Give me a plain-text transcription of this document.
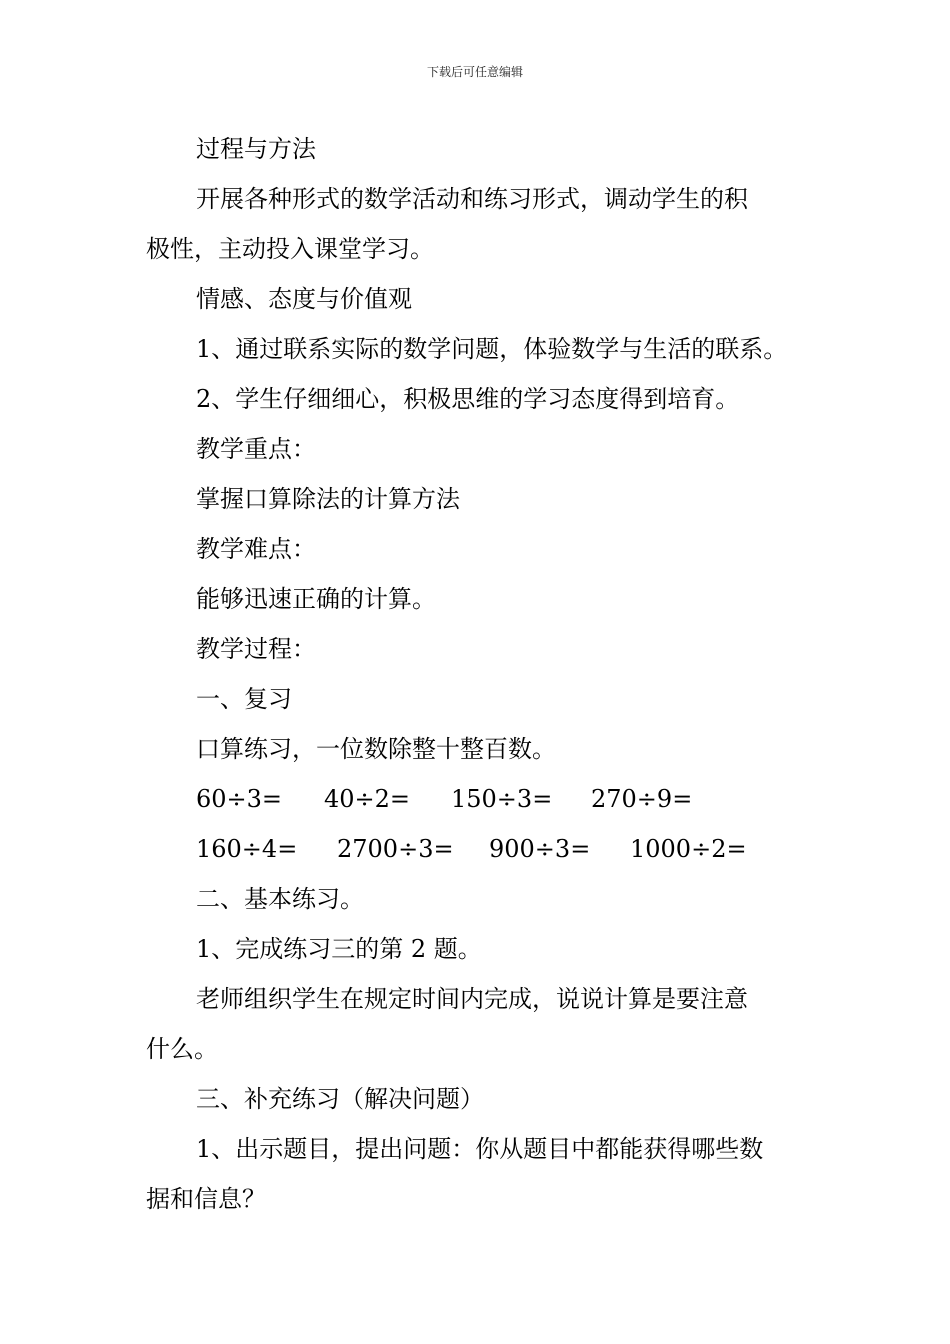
下载后可任意编辑
过程与方法
开展各种形式的数学活动和练习形式，调动学生的积
极性，主动投入课堂学习。
情感、态度与价值观
1、通过联系实际的数学问题，体验数学与生活的联系。
2、学生仔细细心，积极思维的学习态度得到培育。
教学重点：
掌握口算除法的计算方法
教学难点：
能够迅速正确的计算。
教学过程：
一、复习
口算练习，一位数除整十整百数。
60÷3= 40÷2= 150÷3= 270÷9=
160÷4= 2700÷3= 900÷3= 1000÷2=
二、基本练习。
1、完成练习三的第 2 题。
老师组织学生在规定时间内完成，说说计算是要注意
什么。
三、补充练习（解决问题）
1、出示题目，提出问题：你从题目中都能获得哪些数
据和信息？
